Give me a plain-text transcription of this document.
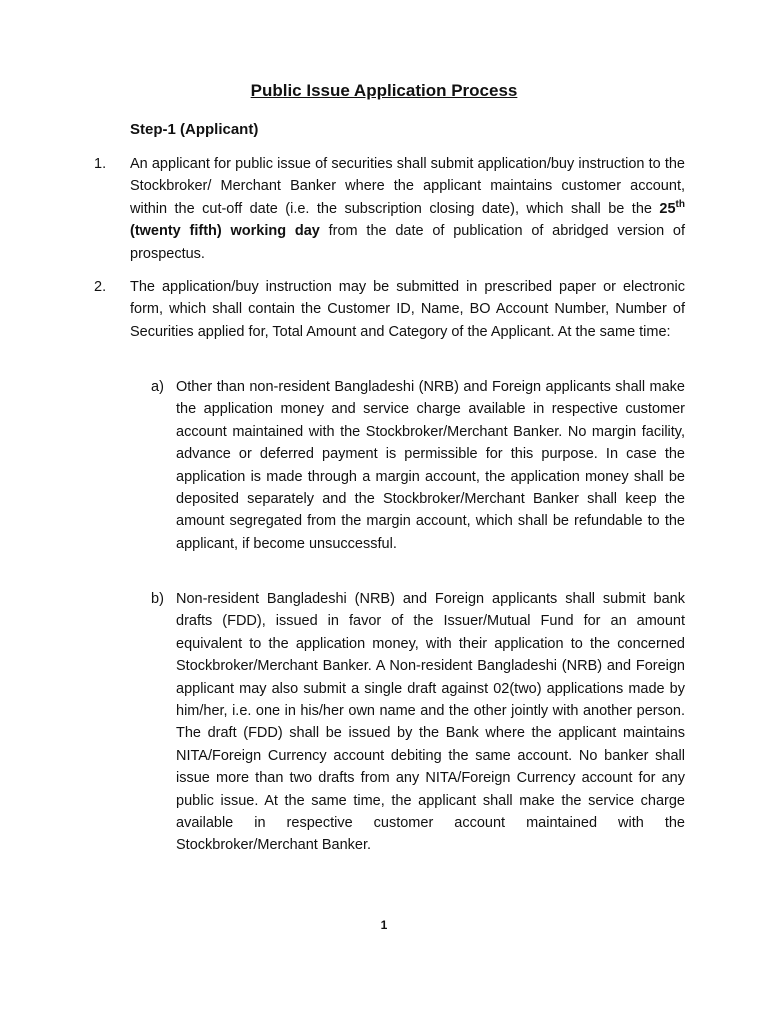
Public Issue Application Process

Step-1 (Applicant)

1. An applicant for public issue of securities shall submit application/buy instruction to the Stockbroker/ Merchant Banker where the applicant maintains customer account, within the cut-off date (i.e. the subscription closing date), which shall be the 25th (twenty fifth) working day from the date of publication of abridged version of prospectus.

2. The application/buy instruction may be submitted in prescribed paper or electronic form, which shall contain the Customer ID, Name, BO Account Number, Number of Securities applied for, Total Amount and Category of the Applicant. At the same time:

a) Other than non-resident Bangladeshi (NRB) and Foreign applicants shall make the application money and service charge available in respective customer account maintained with the Stockbroker/Merchant Banker. No margin facility, advance or deferred payment is permissible for this purpose. In case the application is made through a margin account, the application money shall be deposited separately and the Stockbroker/Merchant Banker shall keep the amount segregated from the margin account, which shall be refundable to the applicant, if become unsuccessful.

b) Non-resident Bangladeshi (NRB) and Foreign applicants shall submit bank drafts (FDD), issued in favor of the Issuer/Mutual Fund for an amount equivalent to the application money, with their application to the concerned Stockbroker/Merchant Banker. A Non-resident Bangladeshi (NRB) and Foreign applicant may also submit a single draft against 02(two) applications made by him/her, i.e. one in his/her own name and the other jointly with another person. The draft (FDD) shall be issued by the Bank where the applicant maintains NITA/Foreign Currency account debiting the same account. No banker shall issue more than two drafts from any NITA/Foreign Currency account for any public issue. At the same time, the applicant shall make the service charge available in respective customer account maintained with the Stockbroker/Merchant Banker.

1
